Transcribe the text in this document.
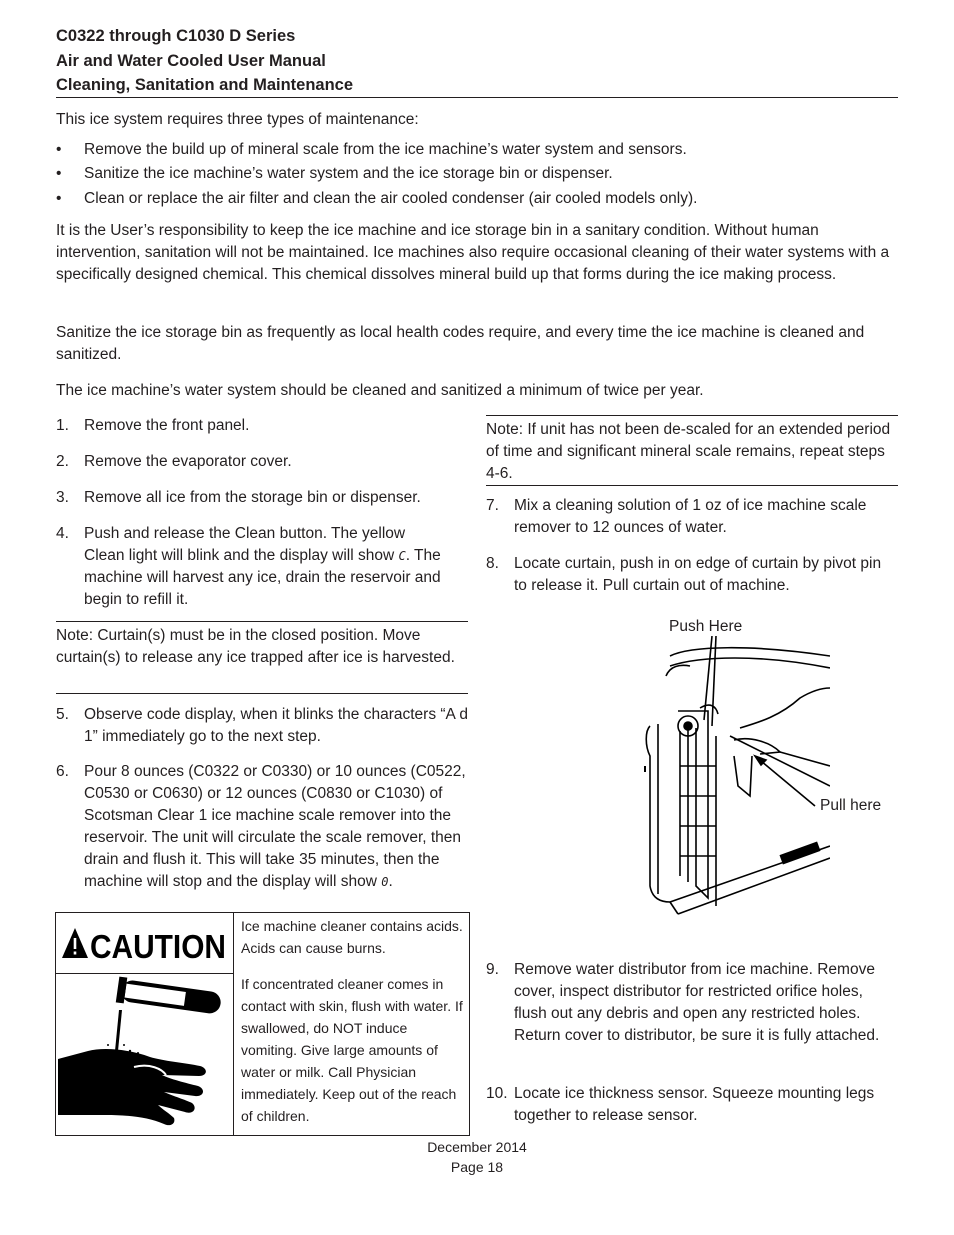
C0322 through C1030 D Series
Air and Water Cooled User Manual
Cleaning, Sanitation and Maintenance
This ice system requires three types of maintenance:
• Remove the build up of mineral scale from the ice machine’s water system and sensors.
• Sanitize the ice machine’s water system and the ice storage bin or dispenser.
• Clean or replace the air filter and clean the air cooled condenser (air cooled models only).
It is the User’s responsibility to keep the ice machine and ice storage bin in a sanitary condition. Without human intervention, sanitation will not be maintained. Ice machines also require occasional cleaning of their water systems with a specifically designed chemical. This chemical dissolves mineral build up that forms during the ice making process.
Sanitize the ice storage bin as frequently as local health codes require, and every time the ice machine is cleaned and sanitized.
The ice machine’s water system should be cleaned and sanitized a minimum of twice per year.
1. Remove the front panel.
2. Remove the evaporator cover.
3. Remove all ice from the storage bin or dispenser.
4. Push and release the Clean button. The yellow Clean light will blink and the display will show C. The machine will harvest any ice, drain the reservoir and begin to refill it.
Note: Curtain(s) must be in the closed position. Move curtain(s) to release any ice trapped after ice is harvested.
5. Observe code display, when it blinks the characters “A d 1” immediately go to the next step.
6. Pour 8 ounces (C0322 or C0330) or 10 ounces (C0522, C0530 or C0630) or 12 ounces (C0830 or C1030) of Scotsman Clear 1 ice machine scale remover into the reservoir. The unit will circulate the scale remover, then drain and flush it. This will take 35 minutes, then the machine will stop and the display will show 0.
CAUTION
Ice machine cleaner contains acids. Acids can cause burns.
If concentrated cleaner comes in contact with skin, flush with water. If swallowed, do NOT induce vomiting. Give large amounts of water or milk. Call Physician immediately. Keep out of the reach of children.
Note: If unit has not been de-scaled for an extended period of time and significant mineral scale remains, repeat steps 4-6.
7. Mix a cleaning solution of 1 oz of ice machine scale remover to 12 ounces of water.
8. Locate curtain, push in on edge of curtain by pivot pin to release it. Pull curtain out of machine.
Push Here
Pull here
9. Remove water distributor from ice machine. Remove cover, inspect distributor for restricted orifice holes, flush out any debris and open any restricted holes. Return cover to distributor, be sure it is fully attached.
10. Locate ice thickness sensor. Squeeze mounting legs together to release sensor.
December 2014
Page 18
